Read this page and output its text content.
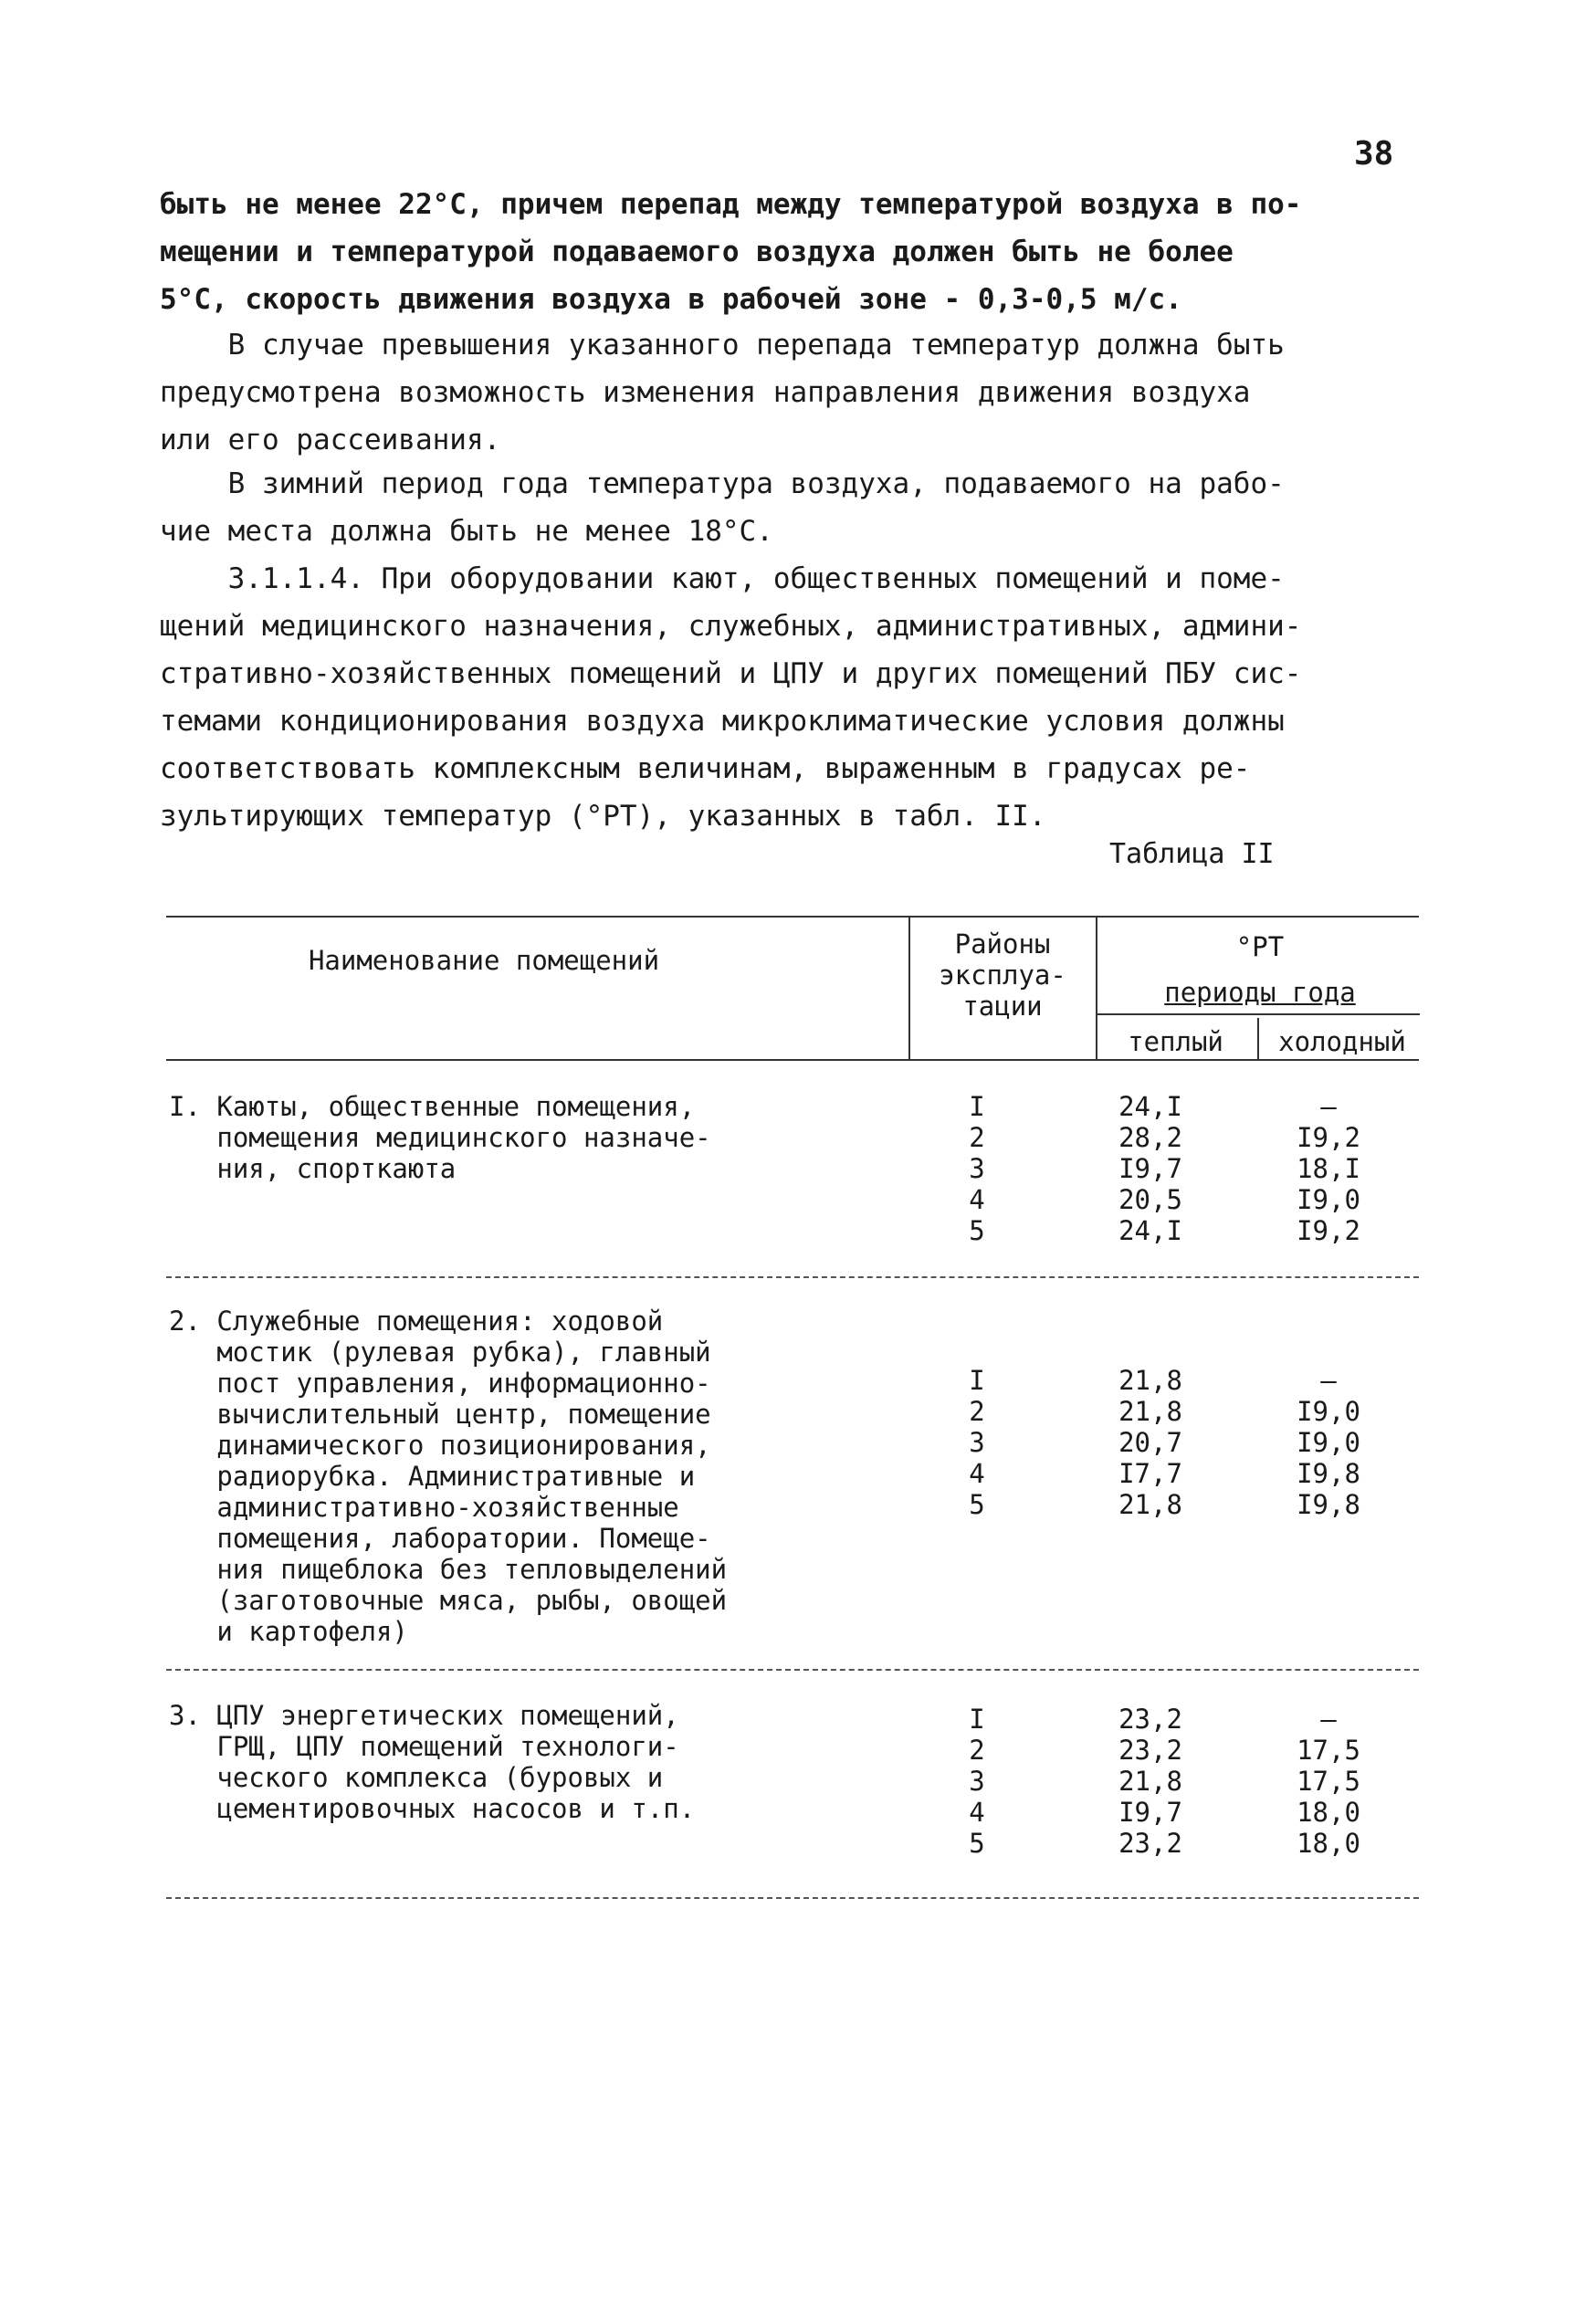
38
быть не менее 22°С, причем перепад между температурой воздуха в по-
мещении и температурой подаваемого воздуха должен быть не более
5°С, скорость движения воздуха в рабочей зоне - 0,3-0,5 м/с.
В случае превышения указанного перепада температур должна быть
предусмотрена возможность изменения направления движения воздуха
или его рассеивания.
В зимний период года температура воздуха, подаваемого на рабо-
чие места должна быть не менее 18°С.
3.1.1.4. При оборудовании кают, общественных помещений и поме-
щений медицинского назначения, служебных, административных, админи-
стративно-хозяйственных помещений и ЦПУ и других помещений ПБУ сис-
темами кондиционирования воздуха микроклиматические условия должны
соответствовать комплексным величинам, выраженным в градусах ре-
зультирующих температур (°РТ), указанных в табл. II.
Таблица II
Наименование помещений
Районы
эксплуа-
тации
°РТ
периоды года
теплый	холодный
I. Каюты, общественные помещения,
помещения медицинского назначе-
ния, спорткаюта
I
2
3
4
5
24,I
28,2
I9,7
20,5
24,I
–
I9,2
18,I
I9,0
I9,2
2. Служебные помещения: ходовой
мостик (рулевая рубка), главный
пост управления, информационно-
вычислительный центр, помещение
динамического позиционирования,
радиорубка. Административные и
административно-хозяйственные
помещения, лаборатории. Помеще-
ния пищеблока без тепловыделений
(заготовочные мяса, рыбы, овощей
и картофеля)
I
2
3
4
5
21,8
21,8
20,7
I7,7
21,8
–
I9,0
I9,0
I9,8
I9,8
3. ЦПУ энергетических помещений,
ГРЩ, ЦПУ помещений технологи-
ческого комплекса (буровых и
цементировочных насосов и т.п.
I
2
3
4
5
23,2
23,2
21,8
I9,7
23,2
–
17,5
17,5
18,0
18,0
